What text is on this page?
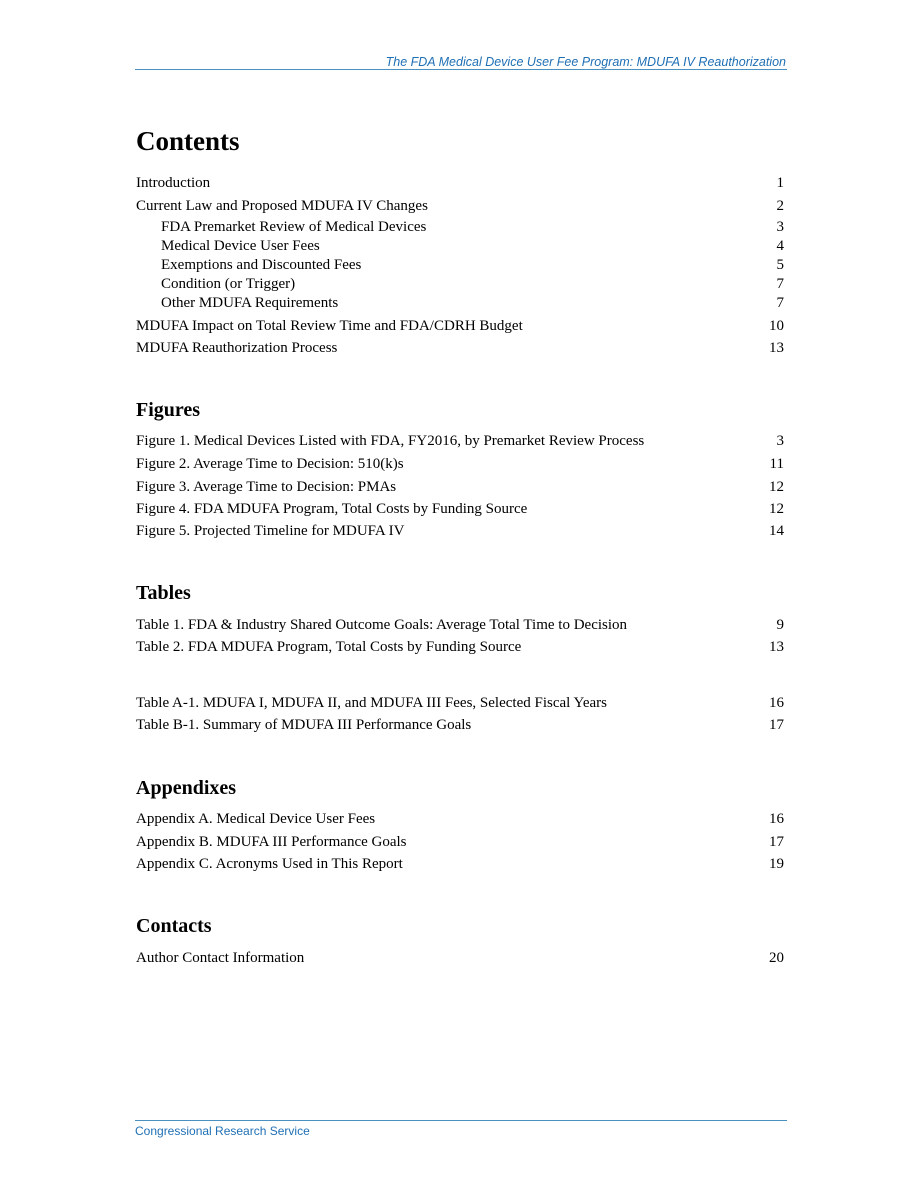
The FDA Medical Device User Fee Program: MDUFA IV Reauthorization
Contents
Introduction	1
Current Law and Proposed MDUFA IV Changes	2
FDA Premarket Review of Medical Devices	3
Medical Device User Fees	4
Exemptions and Discounted Fees	5
Condition (or Trigger)	7
Other MDUFA Requirements	7
MDUFA Impact on Total Review Time and FDA/CDRH Budget	10
MDUFA Reauthorization Process	13
Figures
Figure 1. Medical Devices Listed with FDA, FY2016, by Premarket Review Process	3
Figure 2. Average Time to Decision: 510(k)s	11
Figure 3. Average Time to Decision: PMAs	12
Figure 4. FDA MDUFA Program, Total Costs by Funding Source	12
Figure 5. Projected Timeline for MDUFA IV	14
Tables
Table 1. FDA & Industry Shared Outcome Goals: Average Total Time to Decision	9
Table 2. FDA MDUFA Program, Total Costs by Funding Source	13
Table A-1. MDUFA I, MDUFA II, and MDUFA III Fees, Selected Fiscal Years	16
Table B-1. Summary of MDUFA III Performance Goals	17
Appendixes
Appendix A. Medical Device User Fees	16
Appendix B. MDUFA III Performance Goals	17
Appendix C. Acronyms Used in This Report	19
Contacts
Author Contact Information	20
Congressional Research Service
